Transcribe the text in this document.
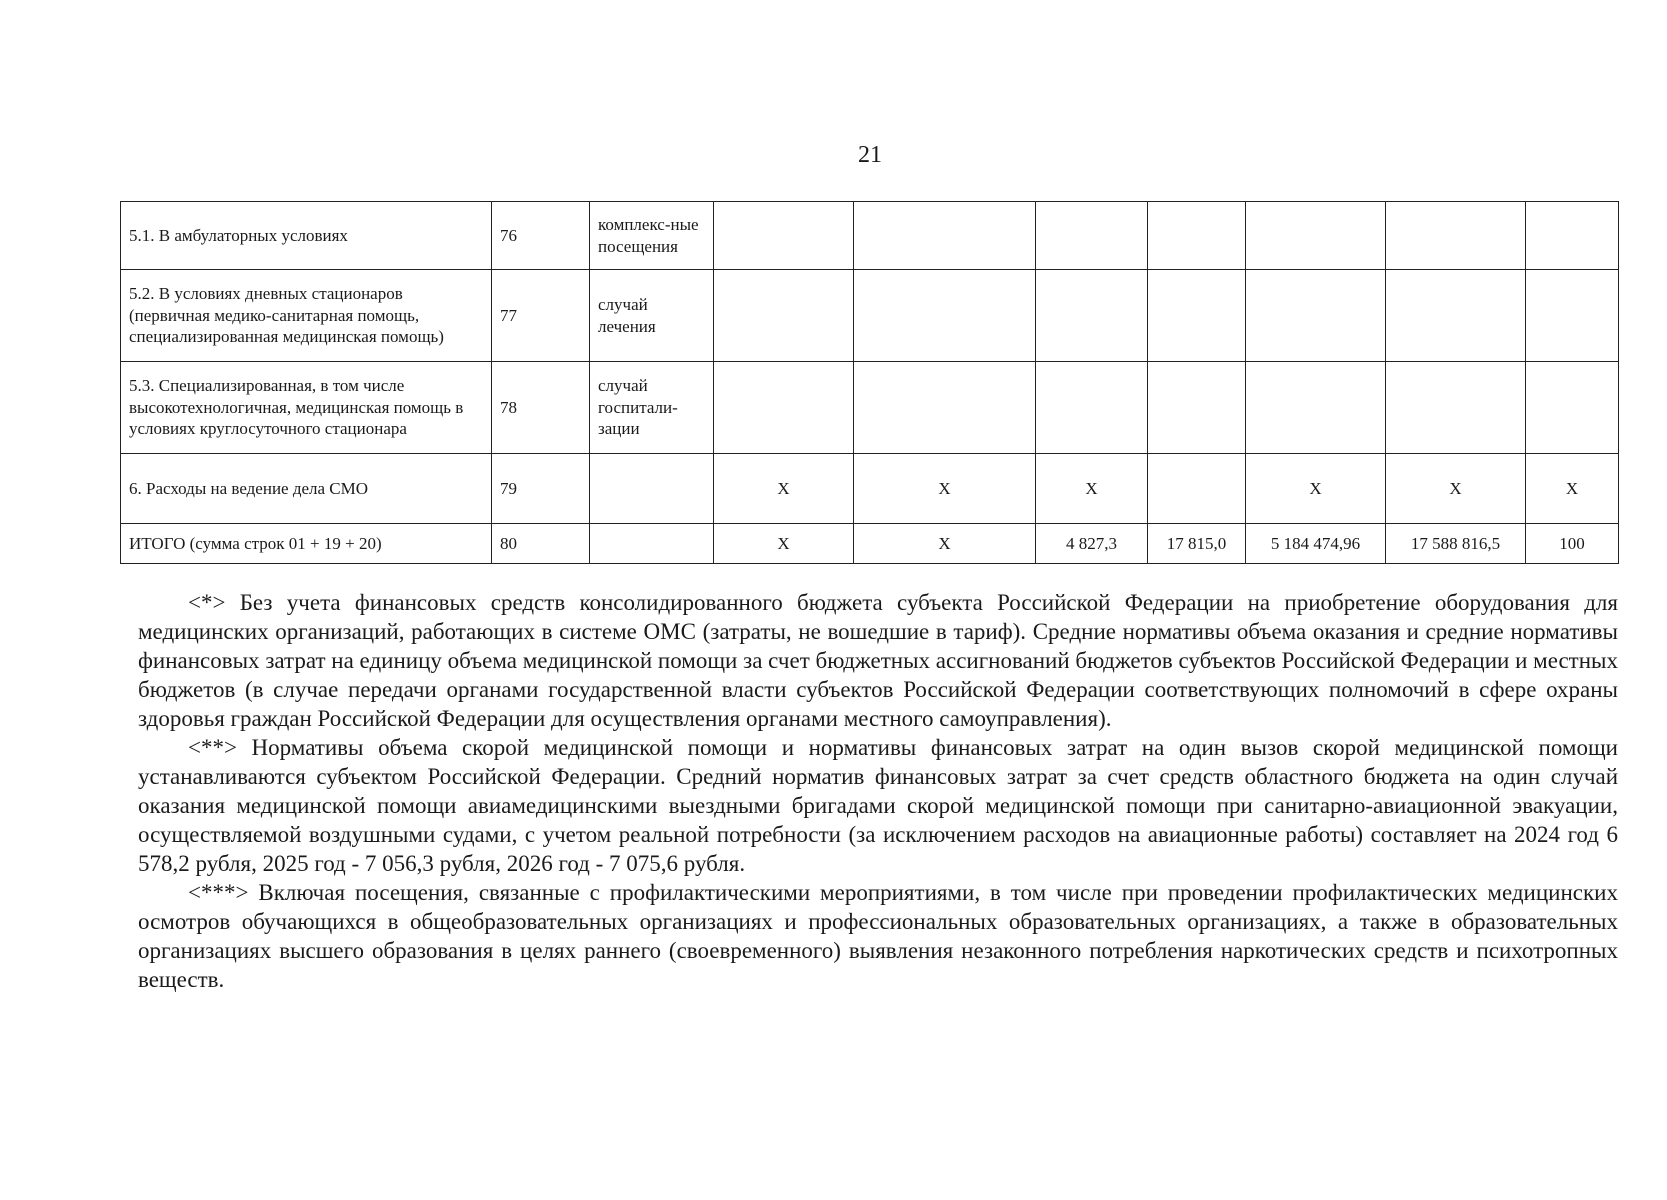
21
5.1. В амбулаторных условиях	76	комплекс-ные посещения							
5.2. В условиях дневных стационаров (первичная медико-санитарная помощь, специализированная медицинская помощь)	77	случай лечения							
5.3. Специализированная, в том числе высокотехнологичная, медицинская помощь в условиях круглосуточного стационара	78	случай госпитали-зации							
6. Расходы на ведение дела СМО	79		Х	Х	Х		Х	Х	Х
ИТОГО (сумма строк 01 + 19 + 20)	80		Х	Х	4 827,3	17 815,0	5 184 474,96	17 588 816,5	100

<*> Без учета финансовых средств консолидированного бюджета субъекта Российской Федерации на приобретение оборудования для медицинских организаций, работающих в системе ОМС (затраты, не вошедшие в тариф). Средние нормативы объема оказания и средние нормативы финансовых затрат на единицу объема медицинской помощи за счет бюджетных ассигнований бюджетов субъектов Российской Федерации и местных бюджетов (в случае передачи органами государственной власти субъектов Российской Федерации соответствующих полномочий в сфере охраны здоровья граждан Российской Федерации для осуществления органами местного самоуправления).

<**> Нормативы объема скорой медицинской помощи и нормативы финансовых затрат на один вызов скорой медицинской помощи устанавливаются субъектом Российской Федерации. Средний норматив финансовых затрат за счет средств областного бюджета на один случай оказания медицинской помощи авиамедицинскими выездными бригадами скорой медицинской помощи при санитарно-авиационной эвакуации, осуществляемой воздушными судами, с учетом реальной потребности (за исключением расходов на авиационные работы) составляет на 2024 год 6 578,2 рубля, 2025 год - 7 056,3 рубля, 2026 год - 7 075,6 рубля.

<***> Включая посещения, связанные с профилактическими мероприятиями, в том числе при проведении профилактических медицинских осмотров обучающихся в общеобразовательных организациях и профессиональных образовательных организациях, а также в образовательных организациях высшего образования в целях раннего (своевременного) выявления незаконного потребления наркотических средств и психотропных веществ.
